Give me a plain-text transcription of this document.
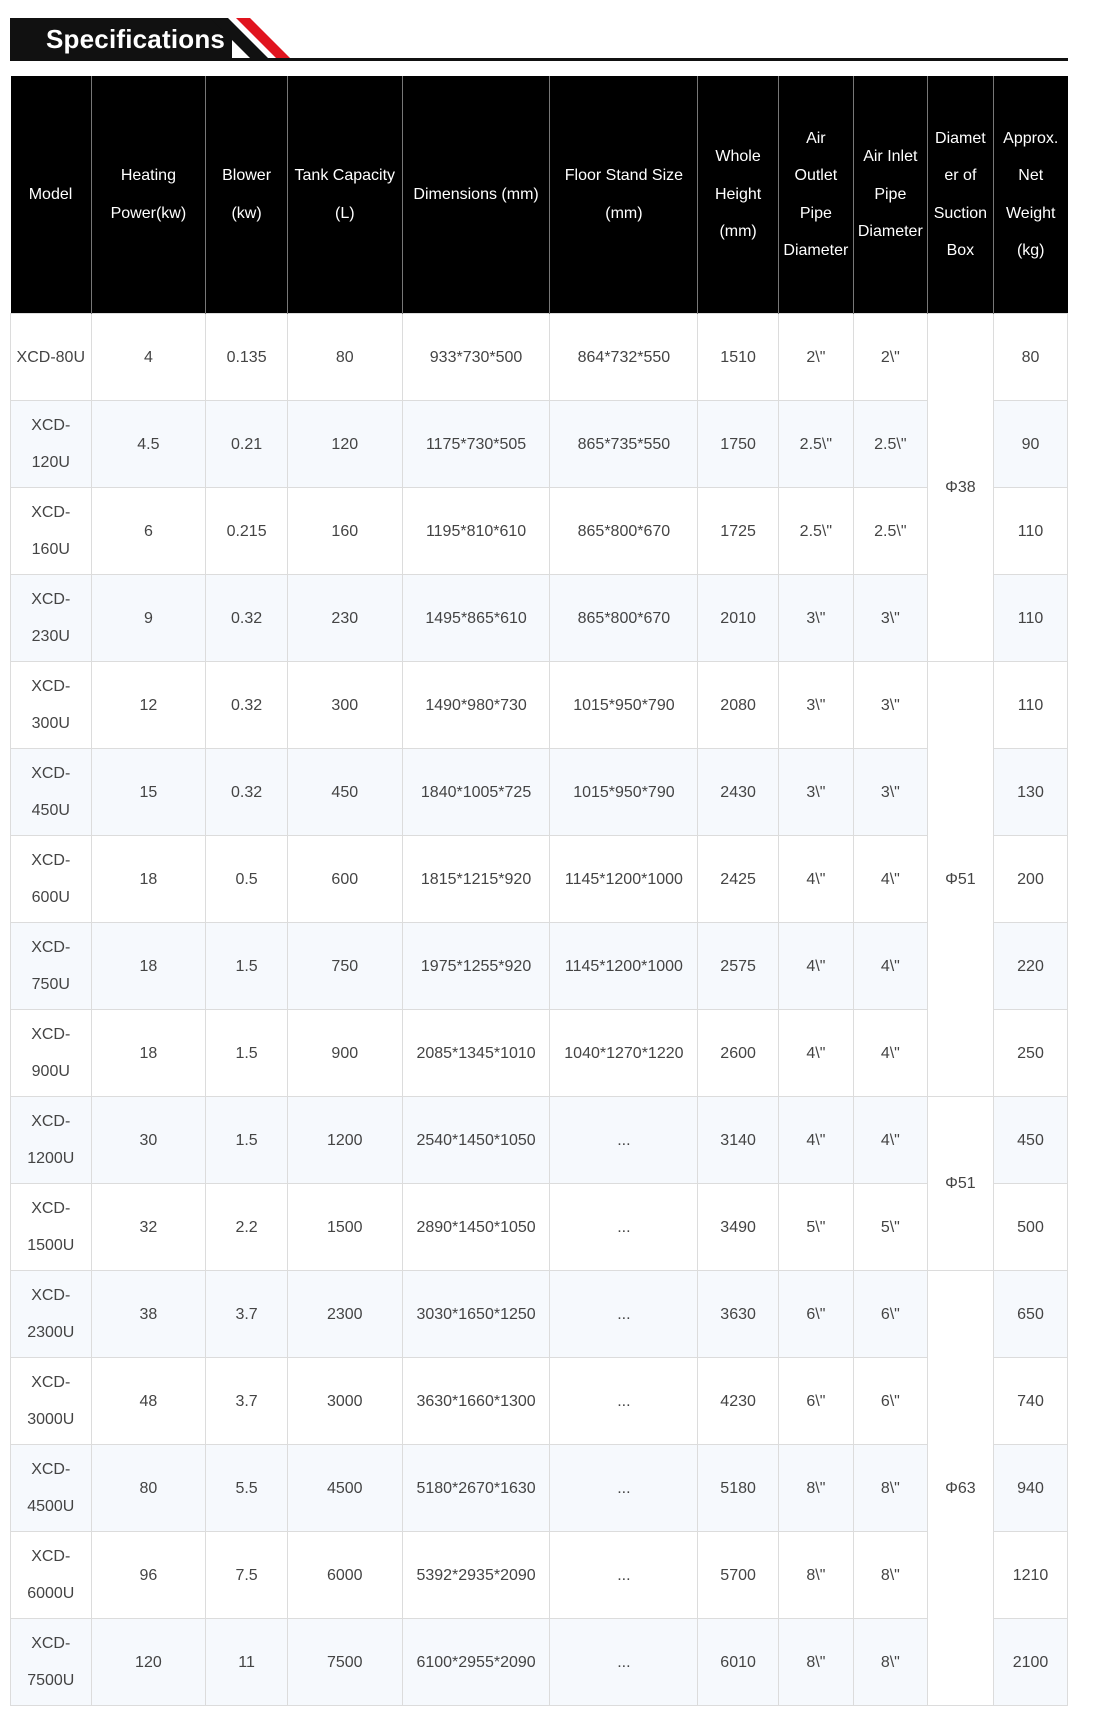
Specifications
Model	Heating Power(kw)	Blower (kw)	Tank Capacity (L)	Dimensions (mm)	Floor Stand Size (mm)	Whole Height (mm)	Air Outlet Pipe Diameter	Air Inlet Pipe Diameter	Diameter of Suction Box	Approx. Net Weight (kg)
XCD-80U	4	0.135	80	933*730*500	864*732*550	1510	2\"	2\"	Φ38	80
XCD-120U	4.5	0.21	120	1175*730*505	865*735*550	1750	2.5\"	2.5\"		90
XCD-160U	6	0.215	160	1195*810*610	865*800*670	1725	2.5\"	2.5\"		110
XCD-230U	9	0.32	230	1495*865*610	865*800*670	2010	3\"	3\"		110
XCD-300U	12	0.32	300	1490*980*730	1015*950*790	2080	3\"	3\"	Φ51	110
XCD-450U	15	0.32	450	1840*1005*725	1015*950*790	2430	3\"	3\"		130
XCD-600U	18	0.5	600	1815*1215*920	1145*1200*1000	2425	4\"	4\"		200
XCD-750U	18	1.5	750	1975*1255*920	1145*1200*1000	2575	4\"	4\"		220
XCD-900U	18	1.5	900	2085*1345*1010	1040*1270*1220	2600	4\"	4\"		250
XCD-1200U	30	1.5	1200	2540*1450*1050	...	3140	4\"	4\"	Φ51	450
XCD-1500U	32	2.2	1500	2890*1450*1050	...	3490	5\"	5\"		500
XCD-2300U	38	3.7	2300	3030*1650*1250	...	3630	6\"	6\"	Φ63	650
XCD-3000U	48	3.7	3000	3630*1660*1300	...	4230	6\"	6\"		740
XCD-4500U	80	5.5	4500	5180*2670*1630	...	5180	8\"	8\"		940
XCD-6000U	96	7.5	6000	5392*2935*2090	...	5700	8\"	8\"		1210
XCD-7500U	120	11	7500	6100*2955*2090	...	6010	8\"	8\"		2100
